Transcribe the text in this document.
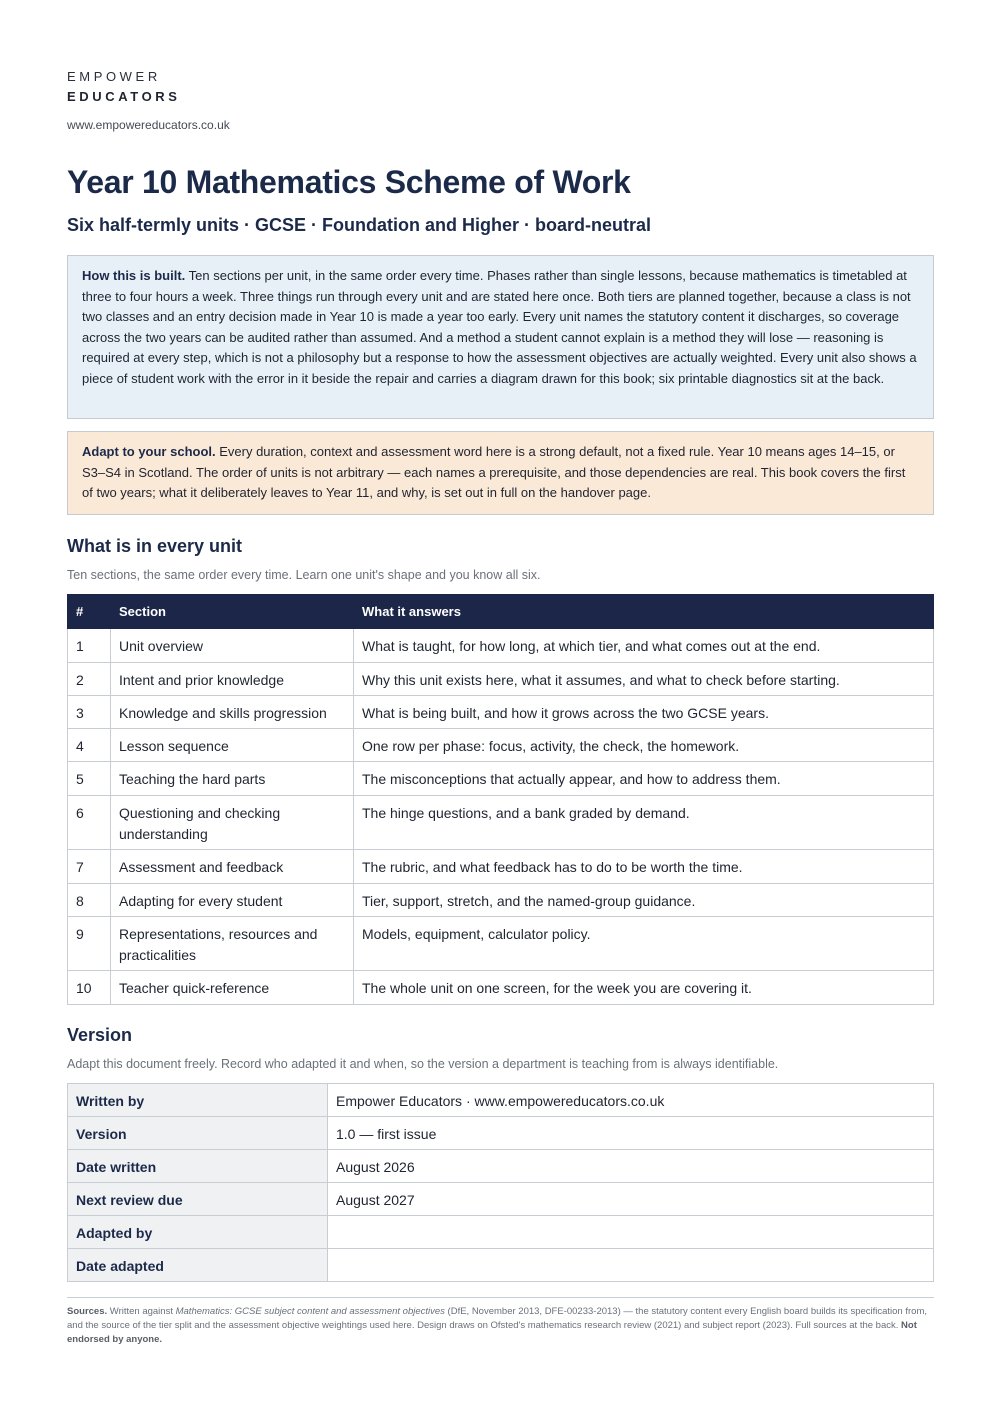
EMPOWER
EDUCATORS
www.empowereducators.co.uk
Year 10 Mathematics Scheme of Work
Six half-termly units · GCSE · Foundation and Higher · board-neutral
How this is built. Ten sections per unit, in the same order every time. Phases rather than single lessons, because mathematics is timetabled at three to four hours a week. Three things run through every unit and are stated here once. Both tiers are planned together, because a class is not two classes and an entry decision made in Year 10 is made a year too early. Every unit names the statutory content it discharges, so coverage across the two years can be audited rather than assumed. And a method a student cannot explain is a method they will lose — reasoning is required at every step, which is not a philosophy but a response to how the assessment objectives are actually weighted. Every unit also shows a piece of student work with the error in it beside the repair and carries a diagram drawn for this book; six printable diagnostics sit at the back.
Adapt to your school. Every duration, context and assessment word here is a strong default, not a fixed rule. Year 10 means ages 14–15, or S3–S4 in Scotland. The order of units is not arbitrary — each names a prerequisite, and those dependencies are real. This book covers the first of two years; what it deliberately leaves to Year 11, and why, is set out in full on the handover page.
What is in every unit
Ten sections, the same order every time. Learn one unit's shape and you know all six.
#	Section	What it answers
1	Unit overview	What is taught, for how long, at which tier, and what comes out at the end.
2	Intent and prior knowledge	Why this unit exists here, what it assumes, and what to check before starting.
3	Knowledge and skills progression	What is being built, and how it grows across the two GCSE years.
4	Lesson sequence	One row per phase: focus, activity, the check, the homework.
5	Teaching the hard parts	The misconceptions that actually appear, and how to address them.
6	Questioning and checking understanding	The hinge questions, and a bank graded by demand.
7	Assessment and feedback	The rubric, and what feedback has to do to be worth the time.
8	Adapting for every student	Tier, support, stretch, and the named-group guidance.
9	Representations, resources and practicalities	Models, equipment, calculator policy.
10	Teacher quick-reference	The whole unit on one screen, for the week you are covering it.
Version
Adapt this document freely. Record who adapted it and when, so the version a department is teaching from is always identifiable.
Written by	Empower Educators · www.empowereducators.co.uk
Version	1.0 — first issue
Date written	August 2026
Next review due	August 2027
Adapted by	
Date adapted	
Sources. Written against Mathematics: GCSE subject content and assessment objectives (DfE, November 2013, DFE-00233-2013) — the statutory content every English board builds its specification from, and the source of the tier split and the assessment objective weightings used here. Design draws on Ofsted's mathematics research review (2021) and subject report (2023). Full sources at the back. Not endorsed by anyone.
